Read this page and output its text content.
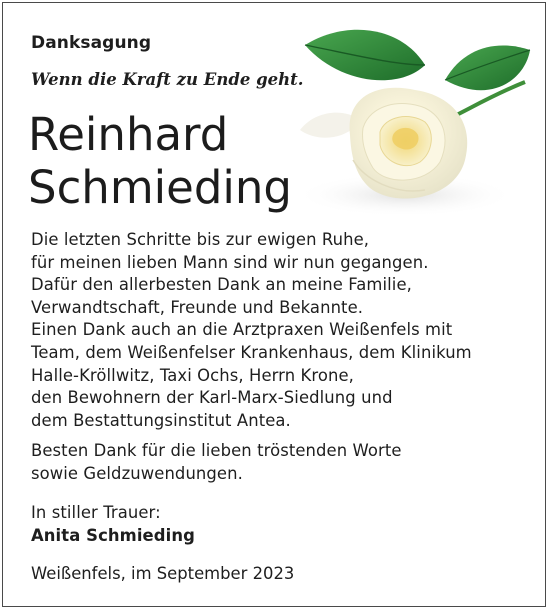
Danksagung
Wenn die Kraft zu Ende geht.
Reinhard
Schmieding
Die letzten Schritte bis zur ewigen Ruhe,
für meinen lieben Mann sind wir nun gegangen.
Dafür den allerbesten Dank an meine Familie,
Verwandtschaft, Freunde und Bekannte.
Einen Dank auch an die Arztpraxen Weißenfels mit
Team, dem Weißenfelser Krankenhaus, dem Klinikum
Halle-Kröllwitz, Taxi Ochs, Herrn Krone,
den Bewohnern der Karl-Marx-Siedlung und
dem Bestattungsinstitut Antea.
Besten Dank für die lieben tröstenden Worte
sowie Geldzuwendungen.
In stiller Trauer:
Anita Schmieding
Weißenfels, im September 2023
